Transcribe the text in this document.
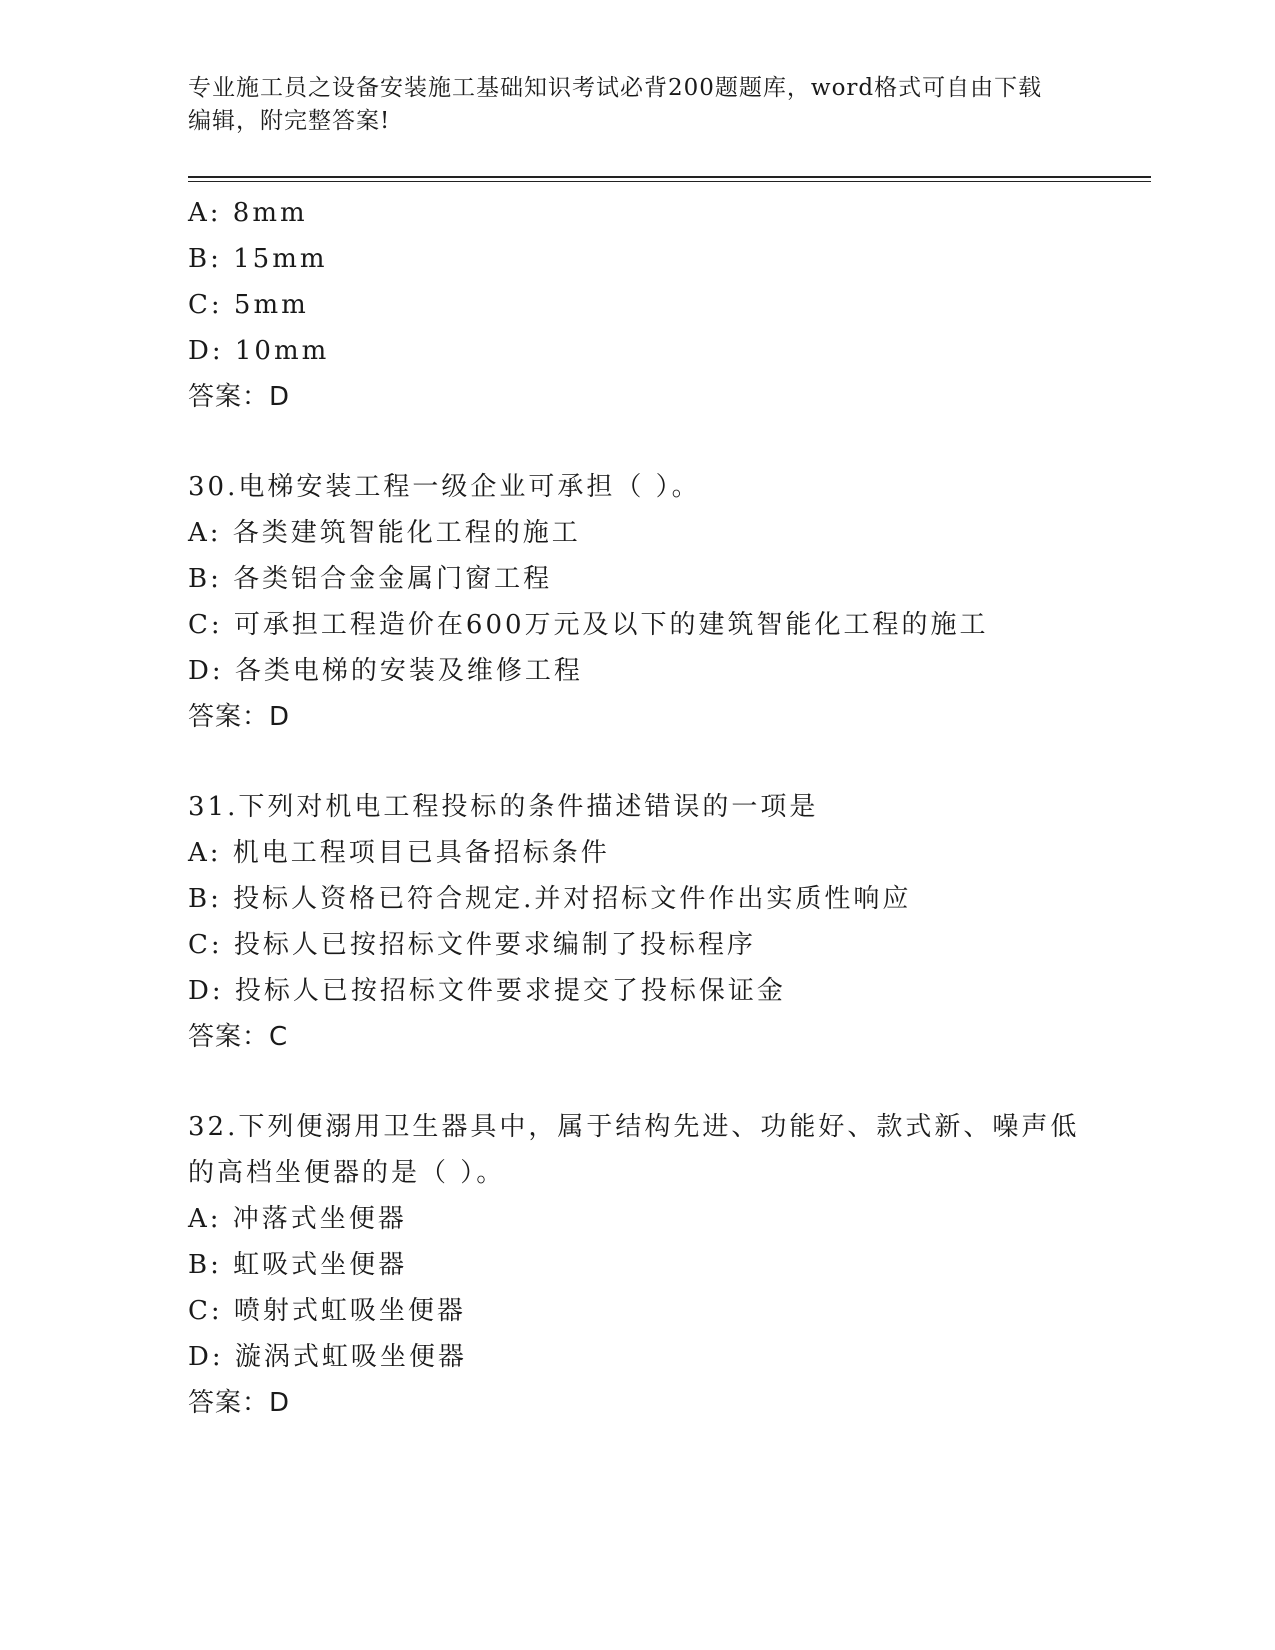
专业施工员之设备安装施工基础知识考试必背200题题库，word格式可自由下载
编辑，附完整答案!
A: 8mm
B: 15mm
C: 5mm
D: 10mm
答案：D
30.电梯安装工程一级企业可承担（ ）。
A: 各类建筑智能化工程的施工
B: 各类铝合金金属门窗工程
C: 可承担工程造价在600万元及以下的建筑智能化工程的施工
D: 各类电梯的安装及维修工程
答案：D
31.下列对机电工程投标的条件描述错误的一项是
A: 机电工程项目已具备招标条件
B: 投标人资格已符合规定.并对招标文件作出实质性响应
C: 投标人已按招标文件要求编制了投标程序
D: 投标人已按招标文件要求提交了投标保证金
答案：C
32.下列便溺用卫生器具中，属于结构先进、功能好、款式新、噪声低
的高档坐便器的是（ ）。
A: 冲落式坐便器
B: 虹吸式坐便器
C: 喷射式虹吸坐便器
D: 漩涡式虹吸坐便器
答案：D
